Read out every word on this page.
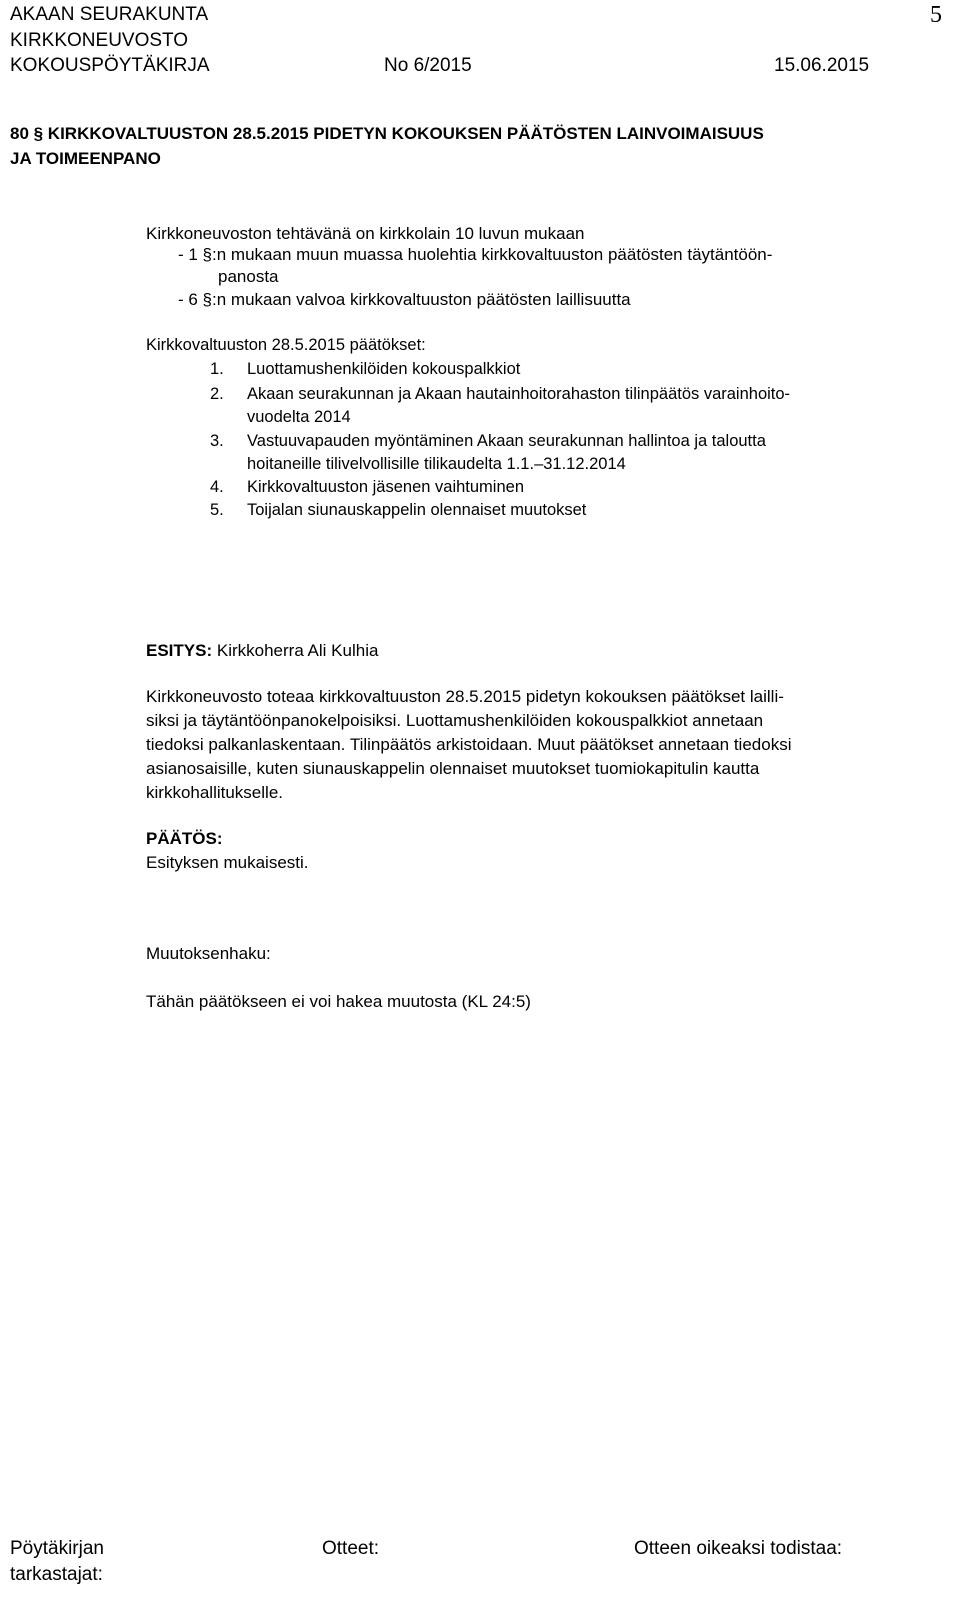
AKAAN SEURAKUNTA
KIRKKONEUVOSTO
KOKOUSPÖYTÄKIRJA	No 6/2015	15.06.2015
5
80 § KIRKKOVALTUUSTON 28.5.2015 PIDETYN KOKOUKSEN PÄÄTÖSTEN LAINVOIMAISUUS
JA TOIMEENPANO
Kirkkoneuvoston tehtävänä on kirkkolain 10 luvun mukaan
- 1 §:n mukaan muun muassa huolehtia kirkkovaltuuston päätösten täytäntöön-
panosta
- 6 §:n mukaan valvoa kirkkovaltuuston päätösten laillisuutta
Kirkkovaltuuston 28.5.2015 päätökset:
1. Luottamushenkilöiden kokouspalkkiot
2. Akaan seurakunnan ja Akaan hautainhoitorahaston tilinpäätös varainhoito-
vuodelta 2014
3. Vastuuvapauden myöntäminen Akaan seurakunnan hallintoa ja taloutta
hoitaneille tilivelvollisille tilikaudelta 1.1.–31.12.2014
4. Kirkkovaltuuston jäsenen vaihtuminen
5. Toijalan siunauskappelin olennaiset muutokset
ESITYS: Kirkkoherra Ali Kulhia
Kirkkoneuvosto toteaa kirkkovaltuuston 28.5.2015 pidetyn kokouksen päätökset lailli-
siksi ja täytäntöönpanokelpoisiksi. Luottamushenkilöiden kokouspalkkiot annetaan
tiedoksi palkanlaskentaan. Tilinpäätös arkistoidaan. Muut päätökset annetaan tiedoksi
asianosaisille, kuten siunauskappelin olennaiset muutokset tuomiokapitulin kautta
kirkkohallitukselle.
PÄÄTÖS:
Esityksen mukaisesti.
Muutoksenhaku:
Tähän päätökseen ei voi hakea muutosta (KL 24:5)
Pöytäkirjan
tarkastajat:
Otteet:	Otteen oikeaksi todistaa:
